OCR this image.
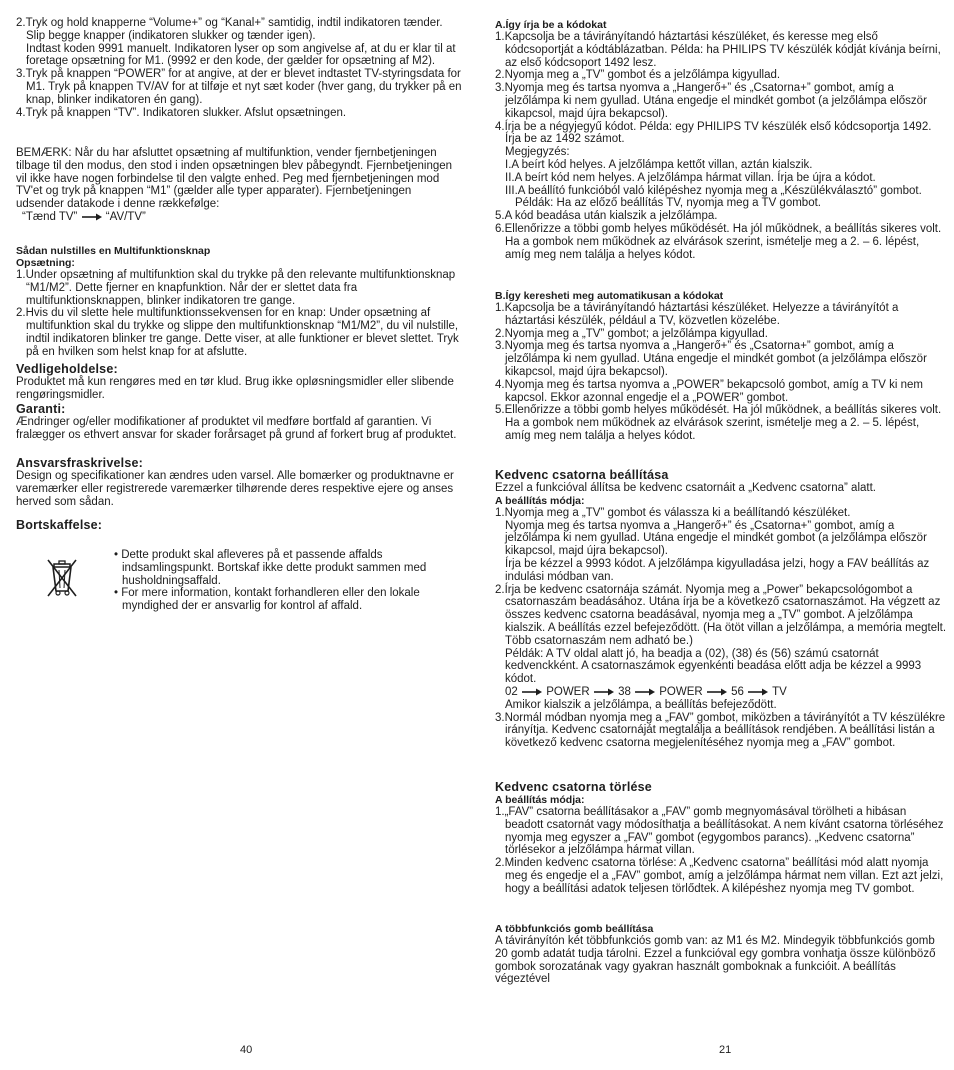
2.Tryk og hold knapperne “Volume+” og “Kanal+” samtidig, indtil indikatoren tænder. Slip begge knapper (indikatoren slukker og tænder igen).

Indtast koden 9991 manuelt. Indikatoren lyser op som angivelse af, at du er klar til at foretage opsætning for M1. (9992 er den kode, der gælder for opsætning af M2).

3.Tryk på knappen “POWER” for at angive, at der er blevet indtastet TV-styringsdata for M1. Tryk på knappen TV/AV for at tilføje et nyt sæt koder (hver gang, du trykker på en knap, blinker indikatoren én gang).

4.Tryk på knappen “TV”. Indikatoren slukker. Afslut opsætningen.

BEMÆRK: Når du har afsluttet opsætning af multifunktion, vender fjernbetjeningen tilbage til den modus, den stod i inden opsætningen blev påbegyndt. Fjernbetjeningen vil ikke have nogen forbindelse til den valgte enhed. Peg med fjernbetjeningen mod TV'et og tryk på knappen “M1” (gælder alle typer apparater). Fjernbetjeningen udsender datakode i denne rækkefølge:

“Tænd TV” “AV/TV”

Sådan nulstilles en Multifunktionsknap

Opsætning:

1.Under opsætning af multifunktion skal du trykke på den relevante multifunktionsknap “M1/M2”. Dette fjerner en knapfunktion. Når der er slettet data fra multifunktionsknappen, blinker indikatoren tre gange.

2.Hvis du vil slette hele multifunktionssekvensen for en knap: Under opsætning af multifunktion skal du trykke og slippe den multifunktionsknap “M1/M2”, du vil nulstille, indtil indikatoren blinker tre gange. Dette viser, at alle funktioner er blevet slettet. Tryk på en hvilken som helst knap for at afslutte.

Vedligeholdelse:

Produktet må kun rengøres med en tør klud. Brug ikke opløsningsmidler eller slibende rengøringsmidler.

Garanti:

Ændringer og/eller modifikationer af produktet vil medføre bortfald af garantien. Vi fralægger os ethvert ansvar for skader forårsaget på grund af forkert brug af produktet.

Ansvarsfraskrivelse:

Design og specifikationer kan ændres uden varsel. Alle bomærker og produktnavne er varemærker eller registrerede varemærker tilhørende deres respektive ejere og anses herved som sådan.

Bortskaffelse:

• Dette produkt skal afleveres på et passende affalds indsamlingspunkt. Bortskaf ikke dette produkt sammen med husholdningsaffald.

• For mere information, kontakt forhandleren eller den lokale myndighed der er ansvarlig for kontrol af affald.

40

A.Így írja be a kódokat

1.Kapcsolja be a távirányítandó háztartási készüléket, és keresse meg első kódcsoportját a kódtáblázatban. Példa: ha PHILIPS TV készülék kódját kívánja beírni, az első kódcsoport 1492 lesz.

2.Nyomja meg a „TV” gombot és a jelzőlámpa kigyullad.

3.Nyomja meg és tartsa nyomva a „Hangerő+” és „Csatorna+” gombot, amíg a jelzőlámpa ki nem gyullad. Utána engedje el mindkét gombot (a jelzőlámpa először kikapcsol, majd újra bekapcsol).

4.Írja be a négyjegyű kódot. Példa: egy PHILIPS TV készülék első kódcsoportja 1492. Írja be az 1492 számot.

Megjegyzés:

I.A beírt kód helyes. A jelzőlámpa kettőt villan, aztán kialszik.

II.A beírt kód nem helyes. A jelzőlámpa hármat villan. Írja be újra a kódot.

III.A beállító funkcióból való kilépéshez nyomja meg a „Készülékválasztó” gombot. Példák: Ha az előző beállítás TV, nyomja meg a TV gombot.

5.A kód beadása után kialszik a jelzőlámpa.

6.Ellenőrizze a többi gomb helyes működését. Ha jól működnek, a beállítás sikeres volt. Ha a gombok nem működnek az elvárások szerint, ismételje meg a 2. – 6. lépést, amíg meg nem találja a helyes kódot.

B.Így keresheti meg automatikusan a kódokat

1.Kapcsolja be a távirányítandó háztartási készüléket. Helyezze a távirányítót a háztartási készülék, például a TV, közvetlen közelébe.

2.Nyomja meg a „TV” gombot; a jelzőlámpa kigyullad.

3.Nyomja meg és tartsa nyomva a „Hangerő+” és „Csatorna+” gombot, amíg a jelzőlámpa ki nem gyullad. Utána engedje el mindkét gombot (a jelzőlámpa először kikapcsol, majd újra bekapcsol).

4.Nyomja meg és tartsa nyomva a „POWER” bekapcsoló gombot, amíg a TV ki nem kapcsol. Ekkor azonnal engedje el a „POWER” gombot.

5.Ellenőrizze a többi gomb helyes működését. Ha jól működnek, a beállítás sikeres volt. Ha a gombok nem működnek az elvárások szerint, ismételje meg a 2. – 5. lépést, amíg meg nem találja a helyes kódot.

Kedvenc csatorna beállítása

Ezzel a funkcióval állítsa be kedvenc csatornáit a „Kedvenc csatorna” alatt.

A beállítás módja:

1.Nyomja meg a „TV” gombot és válassza ki a beállítandó készüléket.

Nyomja meg és tartsa nyomva a „Hangerő+” és „Csatorna+” gombot, amíg a jelzőlámpa ki nem gyullad. Utána engedje el mindkét gombot (a jelzőlámpa először kikapcsol, majd újra bekapcsol).

Írja be kézzel a 9993 kódot. A jelzőlámpa kigyulladása jelzi, hogy a FAV beállítás az indulási módban van.

2.Írja be kedvenc csatornája számát. Nyomja meg a „Power” bekapcsológombot a csatornaszám beadásához. Utána írja be a következő csatornaszámot. Ha végzett az összes kedvenc csatorna beadásával, nyomja meg a „TV” gombot. A jelzőlámpa kialszik. A beállítás ezzel befejeződött. (Ha ötöt villan a jelzőlámpa, a memória megtelt. Több csatornaszám nem adható be.)

Példák: A TV oldal alatt jó, ha beadja a (02), (38) és (56) számú csatornát kedvenckként. A csatornaszámok egyenkénti beadása előtt adja be kézzel a 9993 kódot.

02 POWER 38 POWER 56 TV

Amikor kialszik a jelzőlámpa, a beállítás befejeződött.

3.Normál módban nyomja meg a „FAV” gombot, miközben a távirányítót a TV készülékre irányítja. Kedvenc csatornáját megtalálja a beállítások rendjében. A beállítási listán a következő kedvenc csatorna megjelenítéséhez nyomja meg a „FAV” gombot.

Kedvenc csatorna törlése

A beállítás módja:

1.„FAV” csatorna beállításakor a „FAV” gomb megnyomásával törölheti a hibásan beadott csatornát vagy módosíthatja a beállításokat. A nem kívánt csatorna törléséhez nyomja meg egyszer a „FAV” gombot (egygombos parancs). „Kedvenc csatorna” törlésekor a jelzőlámpa hármat villan.

2.Minden kedvenc csatorna törlése: A „Kedvenc csatorna” beállítási mód alatt nyomja meg és engedje el a „FAV” gombot, amíg a jelzőlámpa hármat nem villan. Ezt azt jelzi, hogy a beállítási adatok teljesen törlődtek. A kilépéshez nyomja meg TV gombot.

A többfunkciós gomb beállítása

A távirányítón két többfunkciós gomb van: az M1 és M2. Mindegyik többfunkciós gomb 20 gomb adatát tudja tárolni. Ezzel a funkcióval egy gombra vonhatja össze különböző gombok sorozatának vagy gyakran használt gomboknak a funkcióit. A beállítás végeztével

21
